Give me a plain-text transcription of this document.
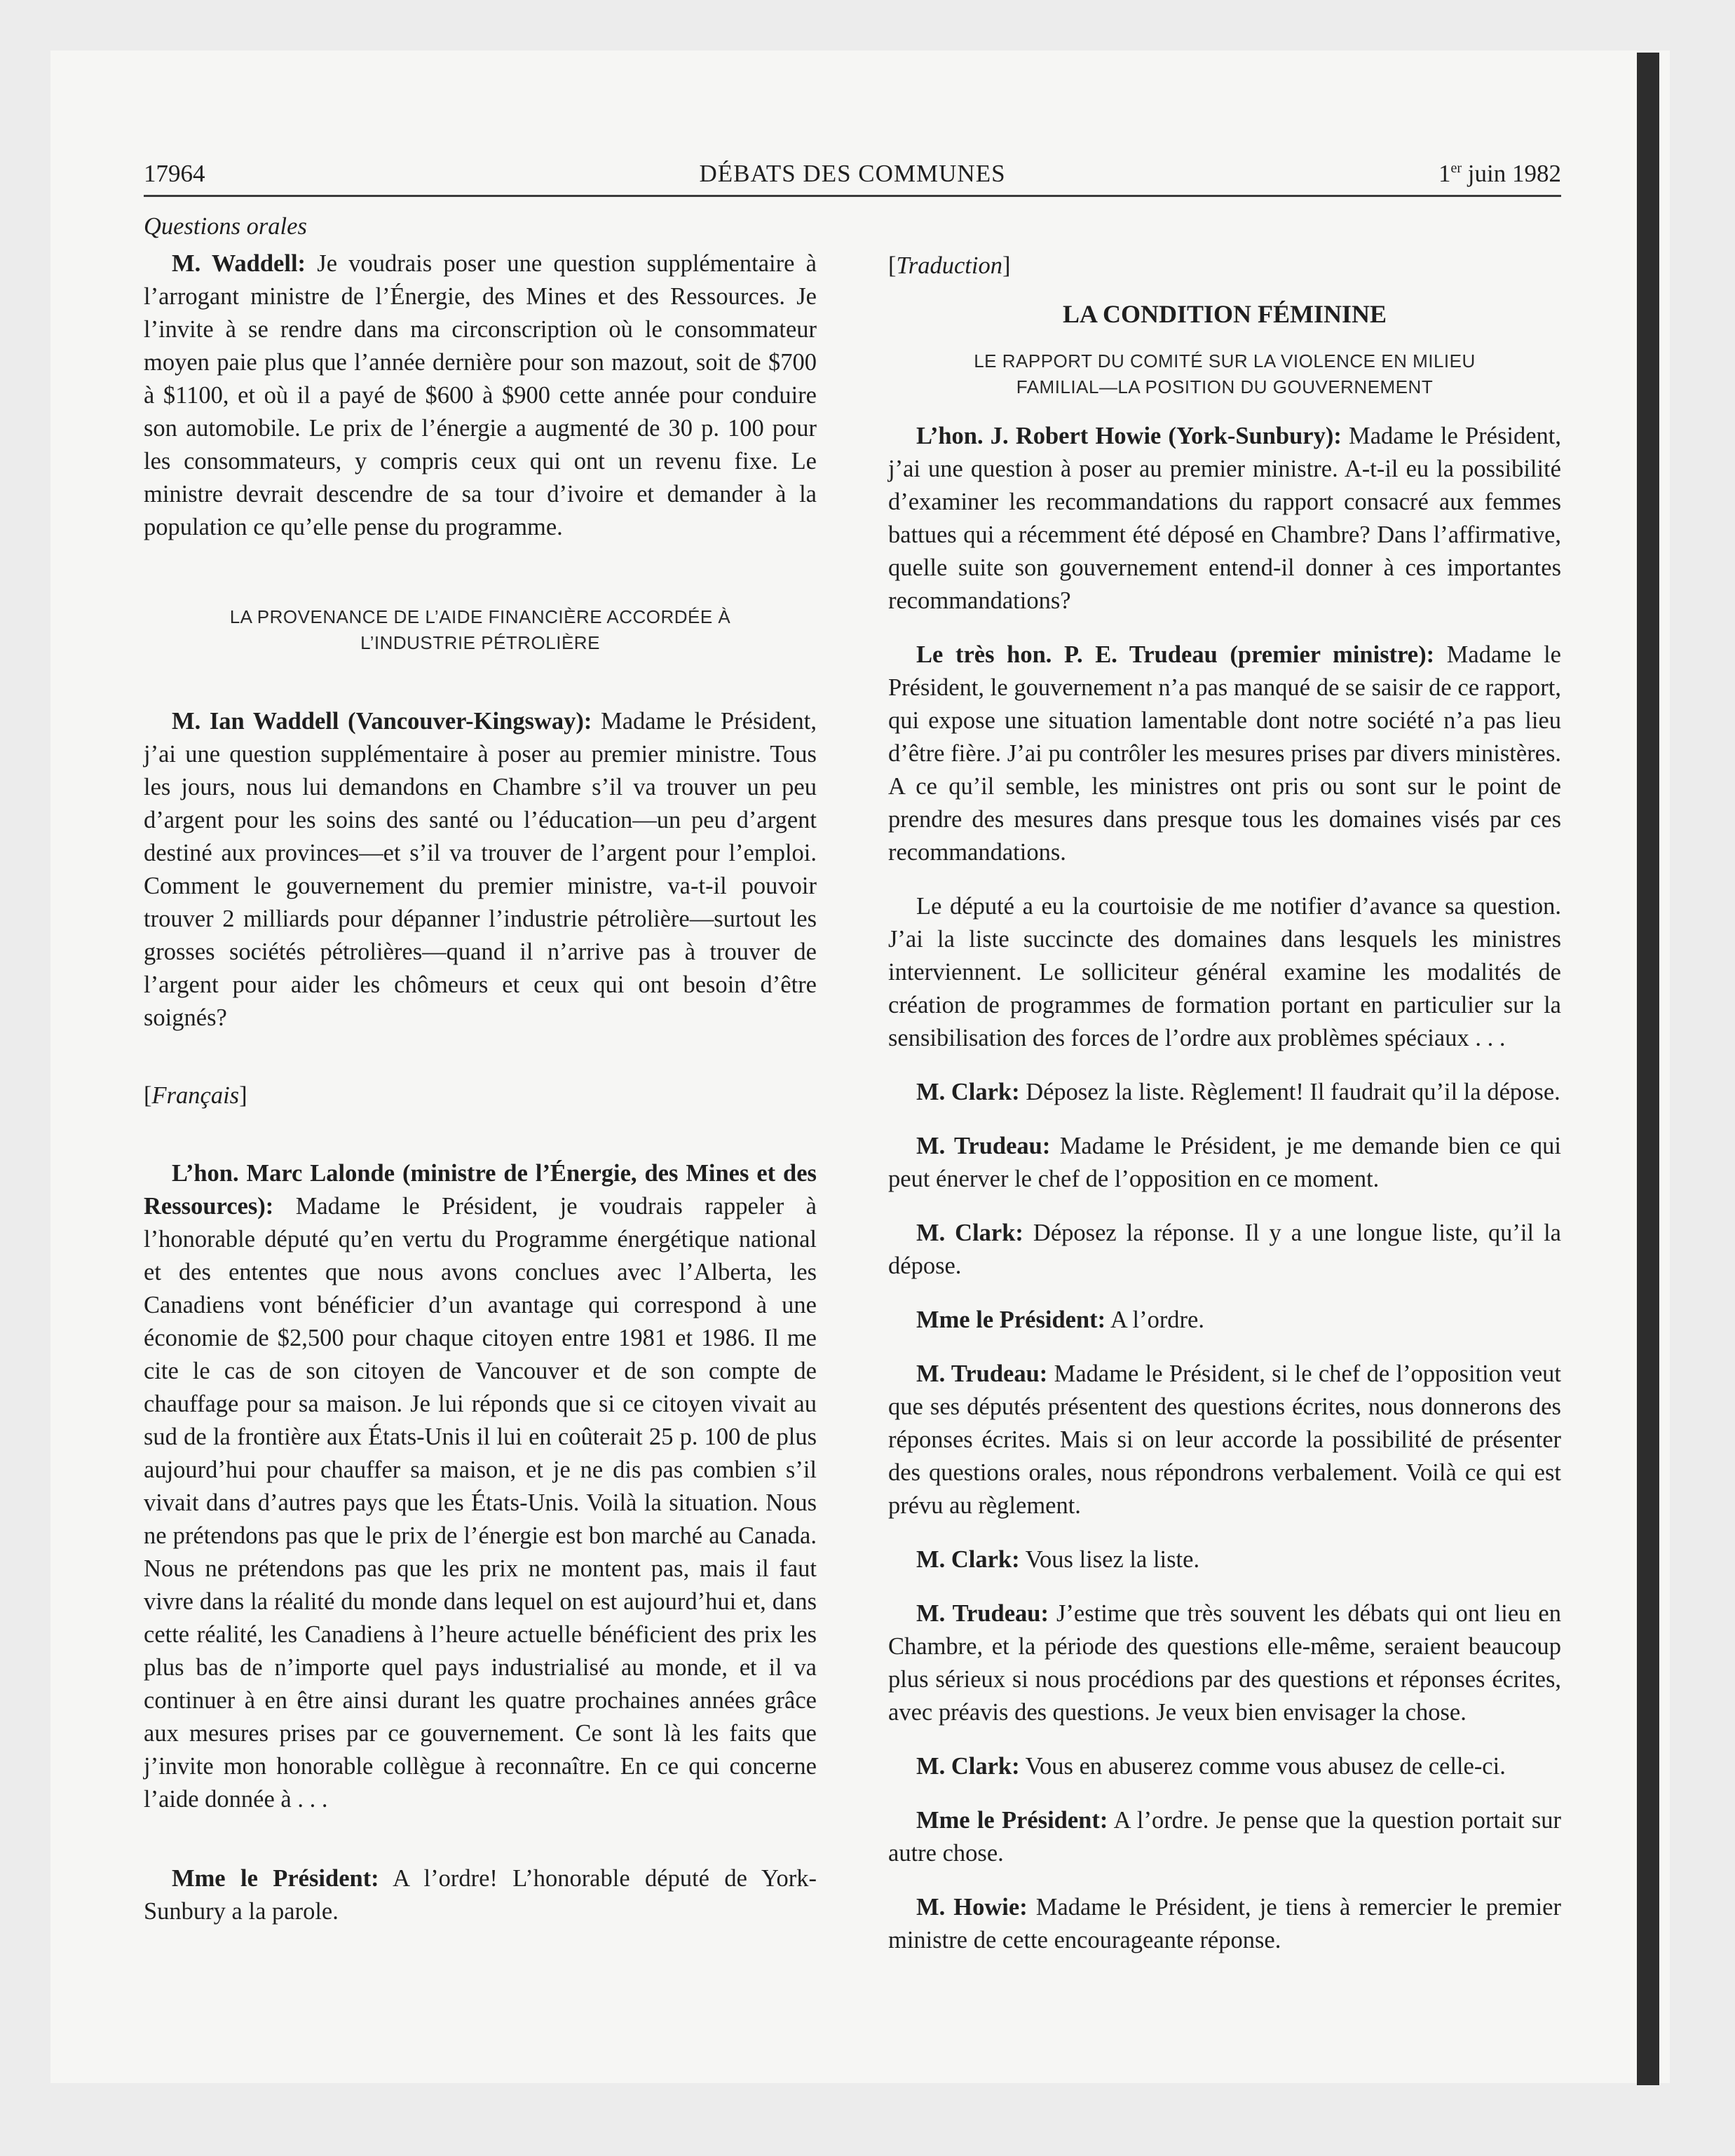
17964	DÉBATS DES COMMUNES	1er juin 1982

Questions orales

M. Waddell: Je voudrais poser une question supplémentaire à l’arrogant ministre de l’Énergie, des Mines et des Ressources. Je l’invite à se rendre dans ma circonscription où le consommateur moyen paie plus que l’année dernière pour son mazout, soit de $700 à $1100, et où il a payé de $600 à $900 cette année pour conduire son automobile. Le prix de l’énergie a augmenté de 30 p. 100 pour les consommateurs, y compris ceux qui ont un revenu fixe. Le ministre devrait descendre de sa tour d’ivoire et demander à la population ce qu’elle pense du programme.

LA PROVENANCE DE L’AIDE FINANCIÈRE ACCORDÉE À
L’INDUSTRIE PÉTROLIÈRE

M. Ian Waddell (Vancouver-Kingsway): Madame le Président, j’ai une question supplémentaire à poser au premier ministre. Tous les jours, nous lui demandons en Chambre s’il va trouver un peu d’argent pour les soins des santé ou l’éducation—un peu d’argent destiné aux provinces—et s’il va trouver de l’argent pour l’emploi. Comment le gouvernement du premier ministre, va-t-il pouvoir trouver 2 milliards pour dépanner l’industrie pétrolière—surtout les grosses sociétés pétrolières—quand il n’arrive pas à trouver de l’argent pour aider les chômeurs et ceux qui ont besoin d’être soignés?

[Français]

L’hon. Marc Lalonde (ministre de l’Énergie, des Mines et des Ressources): Madame le Président, je voudrais rappeler à l’honorable député qu’en vertu du Programme énergétique national et des ententes que nous avons conclues avec l’Alberta, les Canadiens vont bénéficier d’un avantage qui correspond à une économie de $2,500 pour chaque citoyen entre 1981 et 1986. Il me cite le cas de son citoyen de Vancouver et de son compte de chauffage pour sa maison. Je lui réponds que si ce citoyen vivait au sud de la frontière aux États-Unis il lui en coûterait 25 p. 100 de plus aujourd’hui pour chauffer sa maison, et je ne dis pas combien s’il vivait dans d’autres pays que les États-Unis. Voilà la situation. Nous ne prétendons pas que le prix de l’énergie est bon marché au Canada. Nous ne prétendons pas que les prix ne montent pas, mais il faut vivre dans la réalité du monde dans lequel on est aujourd’hui et, dans cette réalité, les Canadiens à l’heure actuelle bénéficient des prix les plus bas de n’importe quel pays industrialisé au monde, et il va continuer à en être ainsi durant les quatre prochaines années grâce aux mesures prises par ce gouvernement. Ce sont là les faits que j’invite mon honorable collègue à reconnaître. En ce qui concerne l’aide donnée à . . .

Mme le Président: A l’ordre! L’honorable député de York-Sunbury a la parole.

[Traduction]

LA CONDITION FÉMININE
LE RAPPORT DU COMITÉ SUR LA VIOLENCE EN MILIEU
FAMILIAL—LA POSITION DU GOUVERNEMENT

L’hon. J. Robert Howie (York-Sunbury): Madame le Président, j’ai une question à poser au premier ministre. A-t-il eu la possibilité d’examiner les recommandations du rapport consacré aux femmes battues qui a récemment été déposé en Chambre? Dans l’affirmative, quelle suite son gouvernement entend-il donner à ces importantes recommandations?

Le très hon. P. E. Trudeau (premier ministre): Madame le Président, le gouvernement n’a pas manqué de se saisir de ce rapport, qui expose une situation lamentable dont notre société n’a pas lieu d’être fière. J’ai pu contrôler les mesures prises par divers ministères. A ce qu’il semble, les ministres ont pris ou sont sur le point de prendre des mesures dans presque tous les domaines visés par ces recommandations.

Le député a eu la courtoisie de me notifier d’avance sa question. J’ai la liste succincte des domaines dans lesquels les ministres interviennent. Le solliciteur général examine les modalités de création de programmes de formation portant en particulier sur la sensibilisation des forces de l’ordre aux problèmes spéciaux . . .

M. Clark: Déposez la liste. Règlement! Il faudrait qu’il la dépose.

M. Trudeau: Madame le Président, je me demande bien ce qui peut énerver le chef de l’opposition en ce moment.

M. Clark: Déposez la réponse. Il y a une longue liste, qu’il la dépose.

Mme le Président: A l’ordre.

M. Trudeau: Madame le Président, si le chef de l’opposition veut que ses députés présentent des questions écrites, nous donnerons des réponses écrites. Mais si on leur accorde la possibilité de présenter des questions orales, nous répondrons verbalement. Voilà ce qui est prévu au règlement.

M. Clark: Vous lisez la liste.

M. Trudeau: J’estime que très souvent les débats qui ont lieu en Chambre, et la période des questions elle-même, seraient beaucoup plus sérieux si nous procédions par des questions et réponses écrites, avec préavis des questions. Je veux bien envisager la chose.

M. Clark: Vous en abuserez comme vous abusez de celle-ci.

Mme le Président: A l’ordre. Je pense que la question portait sur autre chose.

M. Howie: Madame le Président, je tiens à remercier le premier ministre de cette encourageante réponse.
